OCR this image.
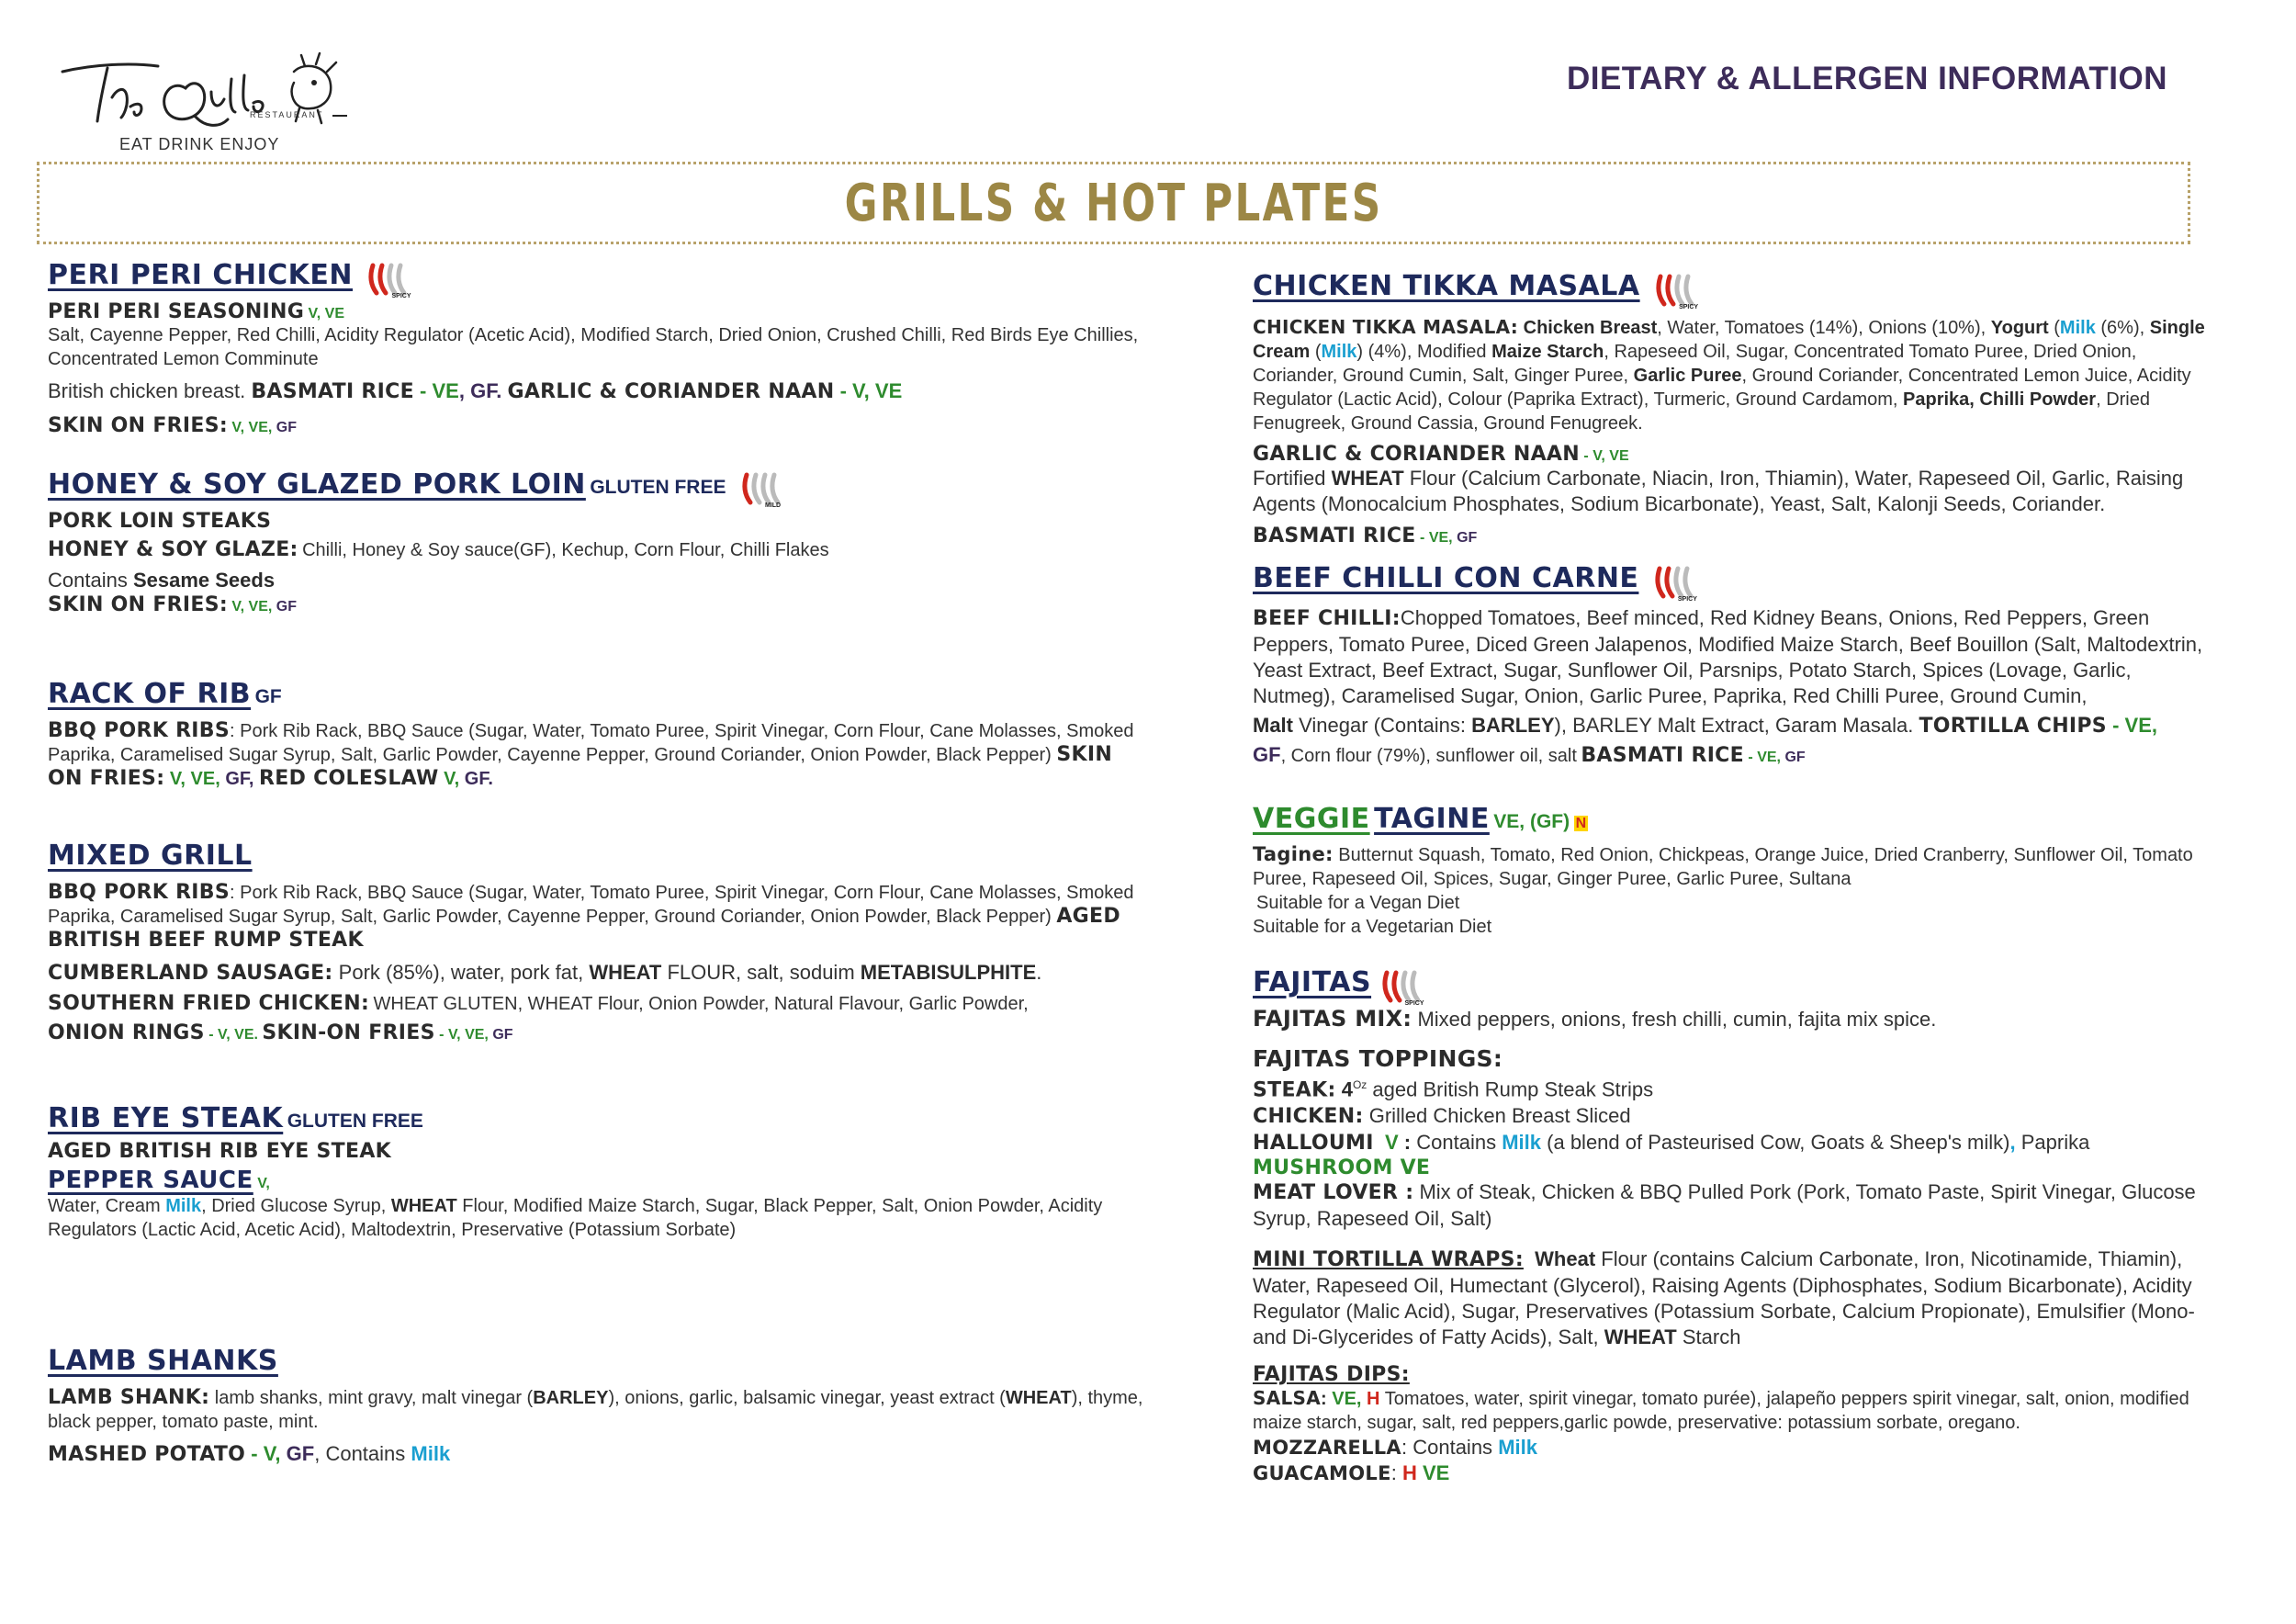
RESTAURANT
EAT DRINK ENJOY
DIETARY & ALLERGEN INFORMATION
GRILLS & HOT PLATES
PERI PERI CHICKEN
SPICY
PERI PERI SEASONING V, VE
Salt, Cayenne Pepper, Red Chilli, Acidity Regulator (Acetic Acid), Modified Starch, Dried Onion, Crushed Chilli, Red Birds Eye Chillies, Concentrated Lemon Comminute
British chicken breast. BASMATI RICE - VE, GF. GARLIC & CORIANDER NAAN - V, VE
SKIN ON FRIES: V, VE, GF
HONEY & SOY GLAZED PORK LOIN GLUTEN FREE
MILD
PORK LOIN STEAKS
HONEY & SOY GLAZE: Chilli, Honey & Soy sauce(GF), Kechup, Corn Flour, Chilli Flakes
Contains Sesame Seeds
SKIN ON FRIES: V, VE, GF
RACK OF RIB GF
BBQ PORK RIBS: Pork Rib Rack, BBQ Sauce (Sugar, Water, Tomato Puree, Spirit Vinegar, Corn Flour, Cane Molasses, Smoked Paprika, Caramelised Sugar Syrup, Salt, Garlic Powder, Cayenne Pepper, Ground Coriander, Onion Powder, Black Pepper) SKIN ON FRIES: V, VE, GF, RED COLESLAW V, GF.
MIXED GRILL
BBQ PORK RIBS: Pork Rib Rack, BBQ Sauce (Sugar, Water, Tomato Puree, Spirit Vinegar, Corn Flour, Cane Molasses, Smoked Paprika, Caramelised Sugar Syrup, Salt, Garlic Powder, Cayenne Pepper, Ground Coriander, Onion Powder, Black Pepper) AGED BRITISH BEEF RUMP STEAK
CUMBERLAND SAUSAGE: Pork (85%), water, pork fat, WHEAT FLOUR, salt, soduim METABISULPHITE.
SOUTHERN FRIED CHICKEN: WHEAT GLUTEN, WHEAT Flour, Onion Powder, Natural Flavour, Garlic Powder,
ONION RINGS - V, VE. SKIN-ON FRIES - V, VE, GF
RIB EYE STEAK GLUTEN FREE
AGED BRITISH RIB EYE STEAK
PEPPER SAUCE V,
Water, Cream Milk, Dried Glucose Syrup, WHEAT Flour, Modified Maize Starch, Sugar, Black Pepper, Salt, Onion Powder, Acidity Regulators (Lactic Acid, Acetic Acid), Maltodextrin, Preservative (Potassium Sorbate)
LAMB SHANKS
LAMB SHANK: lamb shanks, mint gravy, malt vinegar (BARLEY), onions, garlic, balsamic vinegar, yeast extract (WHEAT), thyme, black pepper, tomato paste, mint.
MASHED POTATO - V, GF, Contains Milk
CHICKEN TIKKA MASALA
SPICY
CHICKEN TIKKA MASALA: Chicken Breast, Water, Tomatoes (14%), Onions (10%), Yogurt (Milk (6%), Single Cream (Milk) (4%), Modified Maize Starch, Rapeseed Oil, Sugar, Concentrated Tomato Puree, Dried Onion, Coriander, Ground Cumin, Salt, Ginger Puree, Garlic Puree, Ground Coriander, Concentrated Lemon Juice, Acidity Regulator (Lactic Acid), Colour (Paprika Extract), Turmeric, Ground Cardamom, Paprika, Chilli Powder, Dried Fenugreek, Ground Cassia, Ground Fenugreek.
GARLIC & CORIANDER NAAN - V, VE
Fortified WHEAT Flour (Calcium Carbonate, Niacin, Iron, Thiamin), Water, Rapeseed Oil, Garlic, Raising Agents (Monocalcium Phosphates, Sodium Bicarbonate), Yeast, Salt, Kalonji Seeds, Coriander.
BASMATI RICE - VE, GF
BEEF CHILLI CON CARNE
SPICY
BEEF CHILLI:Chopped Tomatoes, Beef minced, Red Kidney Beans, Onions, Red Peppers, Green Peppers, Tomato Puree, Diced Green Jalapenos, Modified Maize Starch, Beef Bouillon (Salt, Maltodextrin, Yeast Extract, Beef Extract, Sugar, Sunflower Oil, Parsnips, Potato Starch, Spices (Lovage, Garlic, Nutmeg), Caramelised Sugar, Onion, Garlic Puree, Paprika, Red Chilli Puree, Ground Cumin,
Malt Vinegar (Contains: BARLEY), BARLEY Malt Extract, Garam Masala. TORTILLA CHIPS - VE,
GF, Corn flour (79%), sunflower oil, salt BASMATI RICE - VE, GF
VEGGIE TAGINE VE, (GF) N
Tagine: Butternut Squash, Tomato, Red Onion, Chickpeas, Orange Juice, Dried Cranberry, Sunflower Oil, Tomato Puree, Rapeseed Oil, Spices, Sugar, Ginger Puree, Garlic Puree, Sultana
Suitable for a Vegan Diet
Suitable for a Vegetarian Diet
FAJITAS
SPICY
FAJITAS MIX: Mixed peppers, onions, fresh chilli, cumin, fajita mix spice.
FAJITAS TOPPINGS:
STEAK: $4^{Oz}$ aged British Rump Steak Strips
CHICKEN: Grilled Chicken Breast Sliced
HALLOUMI V : Contains Milk (a blend of Pasteurised Cow, Goats & Sheep's milk), Paprika
MUSHROOM VE
MEAT LOVER : Mix of Steak, Chicken & BBQ Pulled Pork (Pork, Tomato Paste, Spirit Vinegar, Glucose Syrup, Rapeseed Oil, Salt)
MINI TORTILLA WRAPS: Wheat Flour (contains Calcium Carbonate, Iron, Nicotinamide, Thiamin), Water, Rapeseed Oil, Humectant (Glycerol), Raising Agents (Diphosphates, Sodium Bicarbonate), Acidity Regulator (Malic Acid), Sugar, Preservatives (Potassium Sorbate, Calcium Propionate), Emulsifier (Mono- and Di-Glycerides of Fatty Acids), Salt, WHEAT Starch
FAJITAS DIPS:
SALSA: VE, H Tomatoes, water, spirit vinegar, tomato purée), jalapeño peppers spirit vinegar, salt, onion, modified maize starch, sugar, salt, red peppers,garlic powde, preservative: potassium sorbate, oregano.
MOZZARELLA: Contains Milk
GUACAMOLE: H VE
